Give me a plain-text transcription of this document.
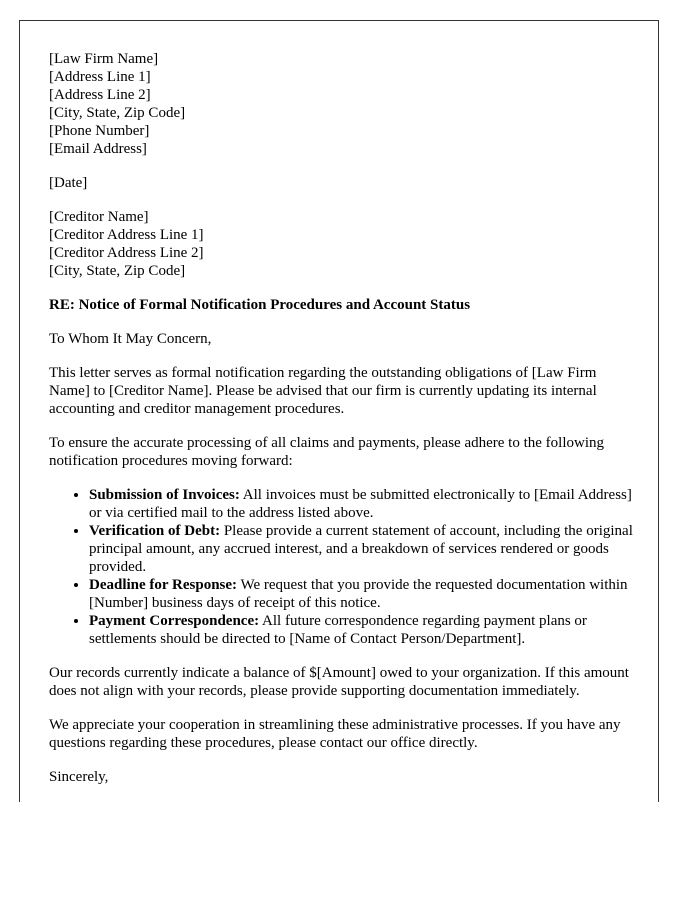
[Law Firm Name]
[Address Line 1]
[Address Line 2]
[City, State, Zip Code]
[Phone Number]
[Email Address]
[Date]
[Creditor Name]
[Creditor Address Line 1]
[Creditor Address Line 2]
[City, State, Zip Code]
RE: Notice of Formal Notification Procedures and Account Status

To Whom It May Concern,

This letter serves as formal notification regarding the outstanding obligations of [Law Firm Name] to [Creditor Name]. Please be advised that our firm is currently updating its internal accounting and creditor management procedures.

To ensure the accurate processing of all claims and payments, please adhere to the following notification procedures moving forward:

• Submission of Invoices: All invoices must be submitted electronically to [Email Address] or via certified mail to the address listed above.
• Verification of Debt: Please provide a current statement of account, including the original principal amount, any accrued interest, and a breakdown of services rendered or goods provided.
• Deadline for Response: We request that you provide the requested documentation within [Number] business days of receipt of this notice.
• Payment Correspondence: All future correspondence regarding payment plans or settlements should be directed to [Name of Contact Person/Department].

Our records currently indicate a balance of $[Amount] owed to your organization. If this amount does not align with your records, please provide supporting documentation immediately.

We appreciate your cooperation in streamlining these administrative processes. If you have any questions regarding these procedures, please contact our office directly.

Sincerely,
